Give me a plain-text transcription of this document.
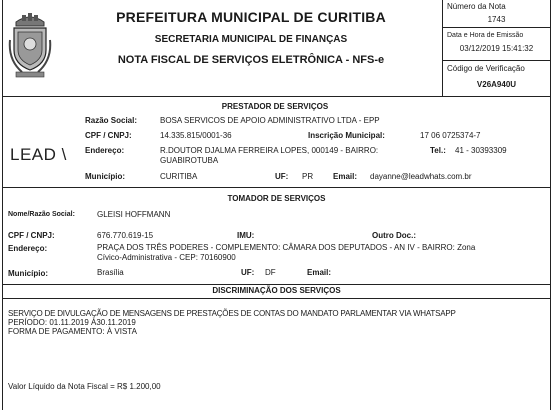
PREFEITURA MUNICIPAL DE CURITIBA
SECRETARIA MUNICIPAL DE FINANÇAS
NOTA FISCAL DE SERVIÇOS ELETRÔNICA - NFS-e
Número da Nota
1743
Data e Hora de Emissão
03/12/2019 15:41:32
Código de Verificação
V26A940U
PRESTADOR DE SERVIÇOS
LEAD \
Razão Social:	BOSA SERVICOS DE APOIO ADMINISTRATIVO LTDA - EPP
CPF / CNPJ:	14.335.815/0001-36	Inscrição Municipal:	17 06 0725374-7
Endereço:	R.DOUTOR DJALMA FERREIRA LOPES, 000149 - BAIRRO:
GUABIROTUBA
Tel.: 41 - 30393309
Município:	CURITIBA	UF: PR Email: dayanne@leadwhats.com.br
TOMADOR DE SERVIÇOS
Nome/Razão Social:	GLEISI HOFFMANN
CPF / CNPJ:	676.770.619-15	IMU:	Outro Doc.:
Endereço:	PRAÇA DOS TRÊS PODERES - COMPLEMENTO: CÂMARA DOS DEPUTADOS - AN IV - BAIRRO: Zona
Cívico-Administrativa - CEP: 70160900
Município:	Brasília	UF: DF	Email:
DISCRIMINAÇÃO DOS SERVIÇOS
SERVIÇO DE DIVULGAÇÃO DE MENSAGENS DE PRESTAÇÕES DE CONTAS DO MANDATO PARLAMENTAR VIA WHATSAPP
PERÍODO: 01.11.2019 À30.11.2019
FORMA DE PAGAMENTO: À VISTA
Valor Líquido da Nota Fiscal = R$ 1.200,00
